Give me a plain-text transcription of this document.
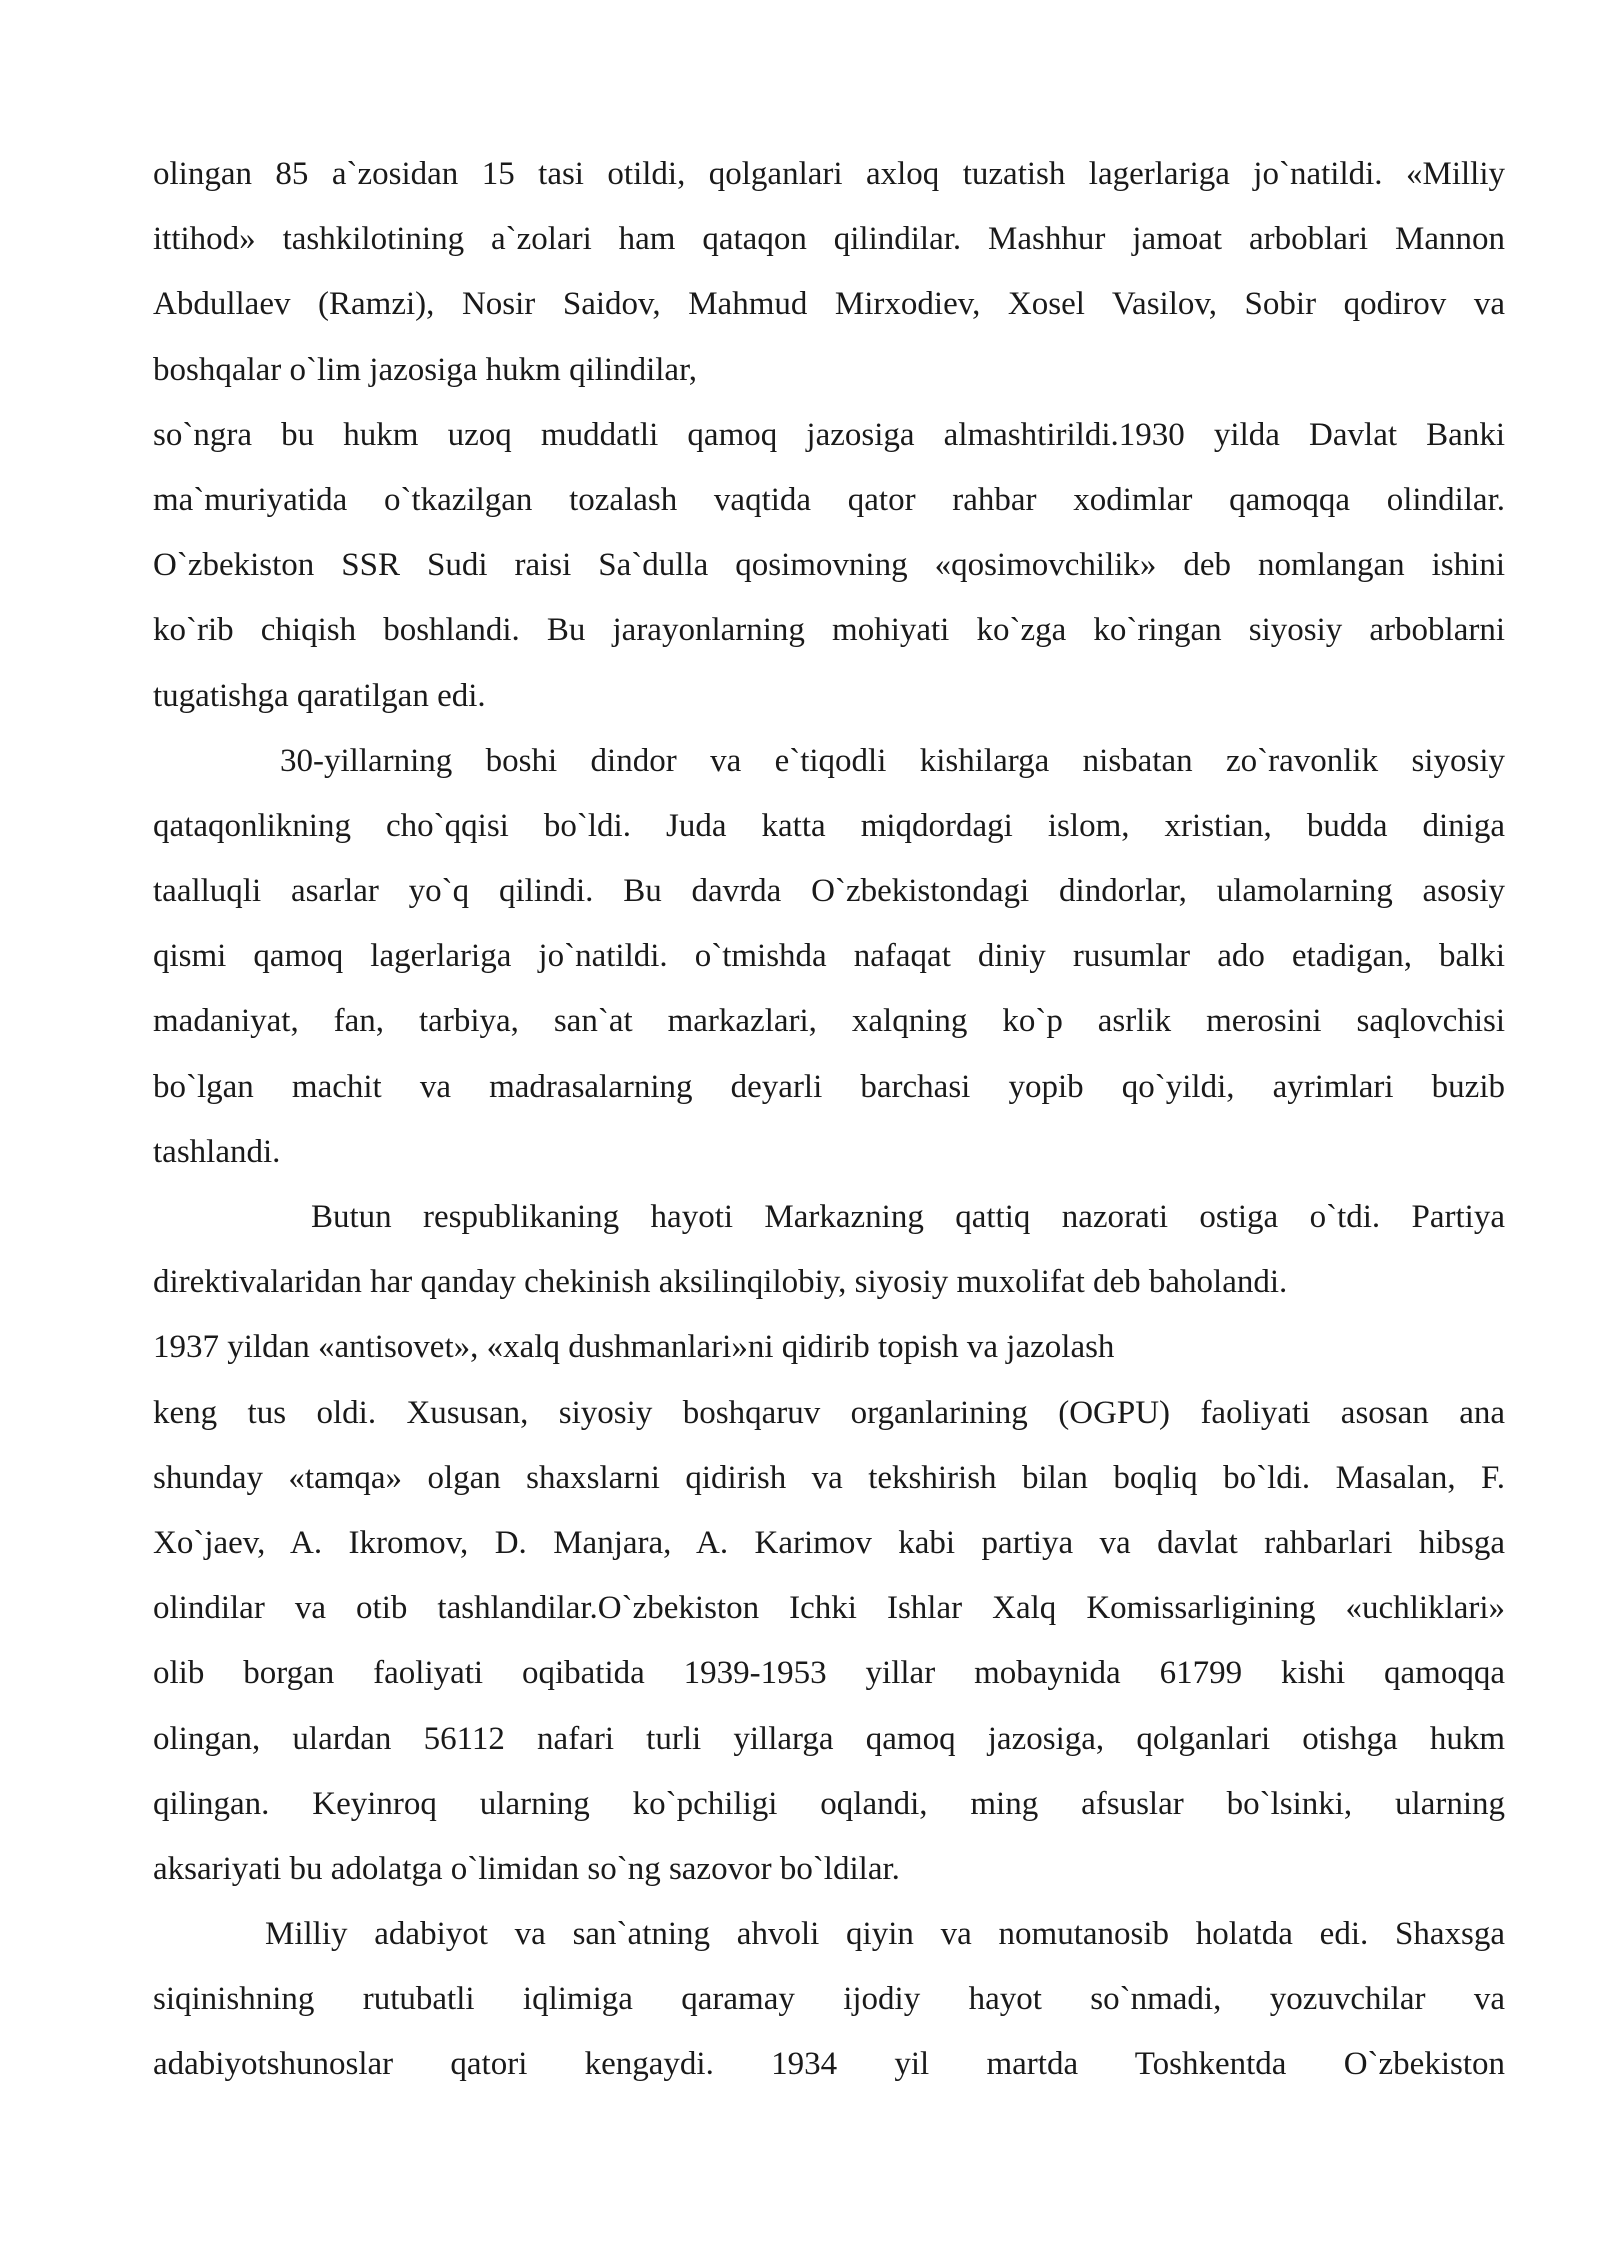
olingan 85 a`zosidan 15 tasi otildi, qolganlari axloq tuzatish lagerlariga jo`natildi. «Milliy
ittihod» tashkilotining a`zolari ham qataqon qilindilar. Mashhur jamoat arboblari Mannon
Abdullaev (Ramzi), Nosir Saidov, Mahmud Mirxodiev, Xosel Vasilov, Sobir qodirov va
boshqalar o`lim jazosiga hukm qilindilar,
so`ngra bu hukm uzoq muddatli qamoq jazosiga almashtirildi.1930 yilda Davlat Banki
ma`muriyatida o`tkazilgan tozalash vaqtida qator rahbar xodimlar qamoqqa olindilar.
O`zbekiston SSR Sudi raisi Sa`dulla qosimovning «qosimovchilik» deb nomlangan ishini
ko`rib chiqish boshlandi. Bu jarayonlarning mohiyati ko`zga ko`ringan siyosiy arboblarni
tugatishga qaratilgan edi.
30-yillarning boshi dindor va e`tiqodli kishilarga nisbatan zo`ravonlik siyosiy
qataqonlikning cho`qqisi bo`ldi. Juda katta miqdordagi islom, xristian, budda diniga
taalluqli asarlar yo`q qilindi. Bu davrda O`zbekistondagi dindorlar, ulamolarning asosiy
qismi qamoq lagerlariga jo`natildi. o`tmishda nafaqat diniy rusumlar ado etadigan, balki
madaniyat, fan, tarbiya, san`at markazlari, xalqning ko`p asrlik merosini saqlovchisi
bo`lgan machit va madrasalarning deyarli barchasi yopib qo`yildi, ayrimlari buzib
tashlandi.
Butun respublikaning hayoti Markazning qattiq nazorati ostiga o`tdi. Partiya
direktivalaridan har qanday chekinish aksilinqilobiy, siyosiy muxolifat deb baholandi.
1937 yildan «antisovet», «xalq dushmanlari»ni qidirib topish va jazolash
keng tus oldi. Xususan, siyosiy boshqaruv organlarining (OGPU) faoliyati asosan ana
shunday «tamqa» olgan shaxslarni qidirish va tekshirish bilan boqliq bo`ldi. Masalan, F.
Xo`jaev, A. Ikromov, D. Manjara, A. Karimov kabi partiya va davlat rahbarlari hibsga
olindilar va otib tashlandilar.O`zbekiston Ichki Ishlar Xalq Komissarligining «uchliklari»
olib borgan faoliyati oqibatida 1939-1953 yillar mobaynida 61799 kishi qamoqqa
olingan, ulardan 56112 nafari turli yillarga qamoq jazosiga, qolganlari otishga hukm
qilingan. Keyinroq ularning ko`pchiligi oqlandi, ming afsuslar bo`lsinki, ularning
aksariyati bu adolatga o`limidan so`ng sazovor bo`ldilar.
Milliy adabiyot va san`atning ahvoli qiyin va nomutanosib holatda edi. Shaxsga
siqinishning rutubatli iqlimiga qaramay ijodiy hayot so`nmadi, yozuvchilar va
adabiyotshunoslar qatori kengaydi. 1934 yil martda Toshkentda O`zbekiston
